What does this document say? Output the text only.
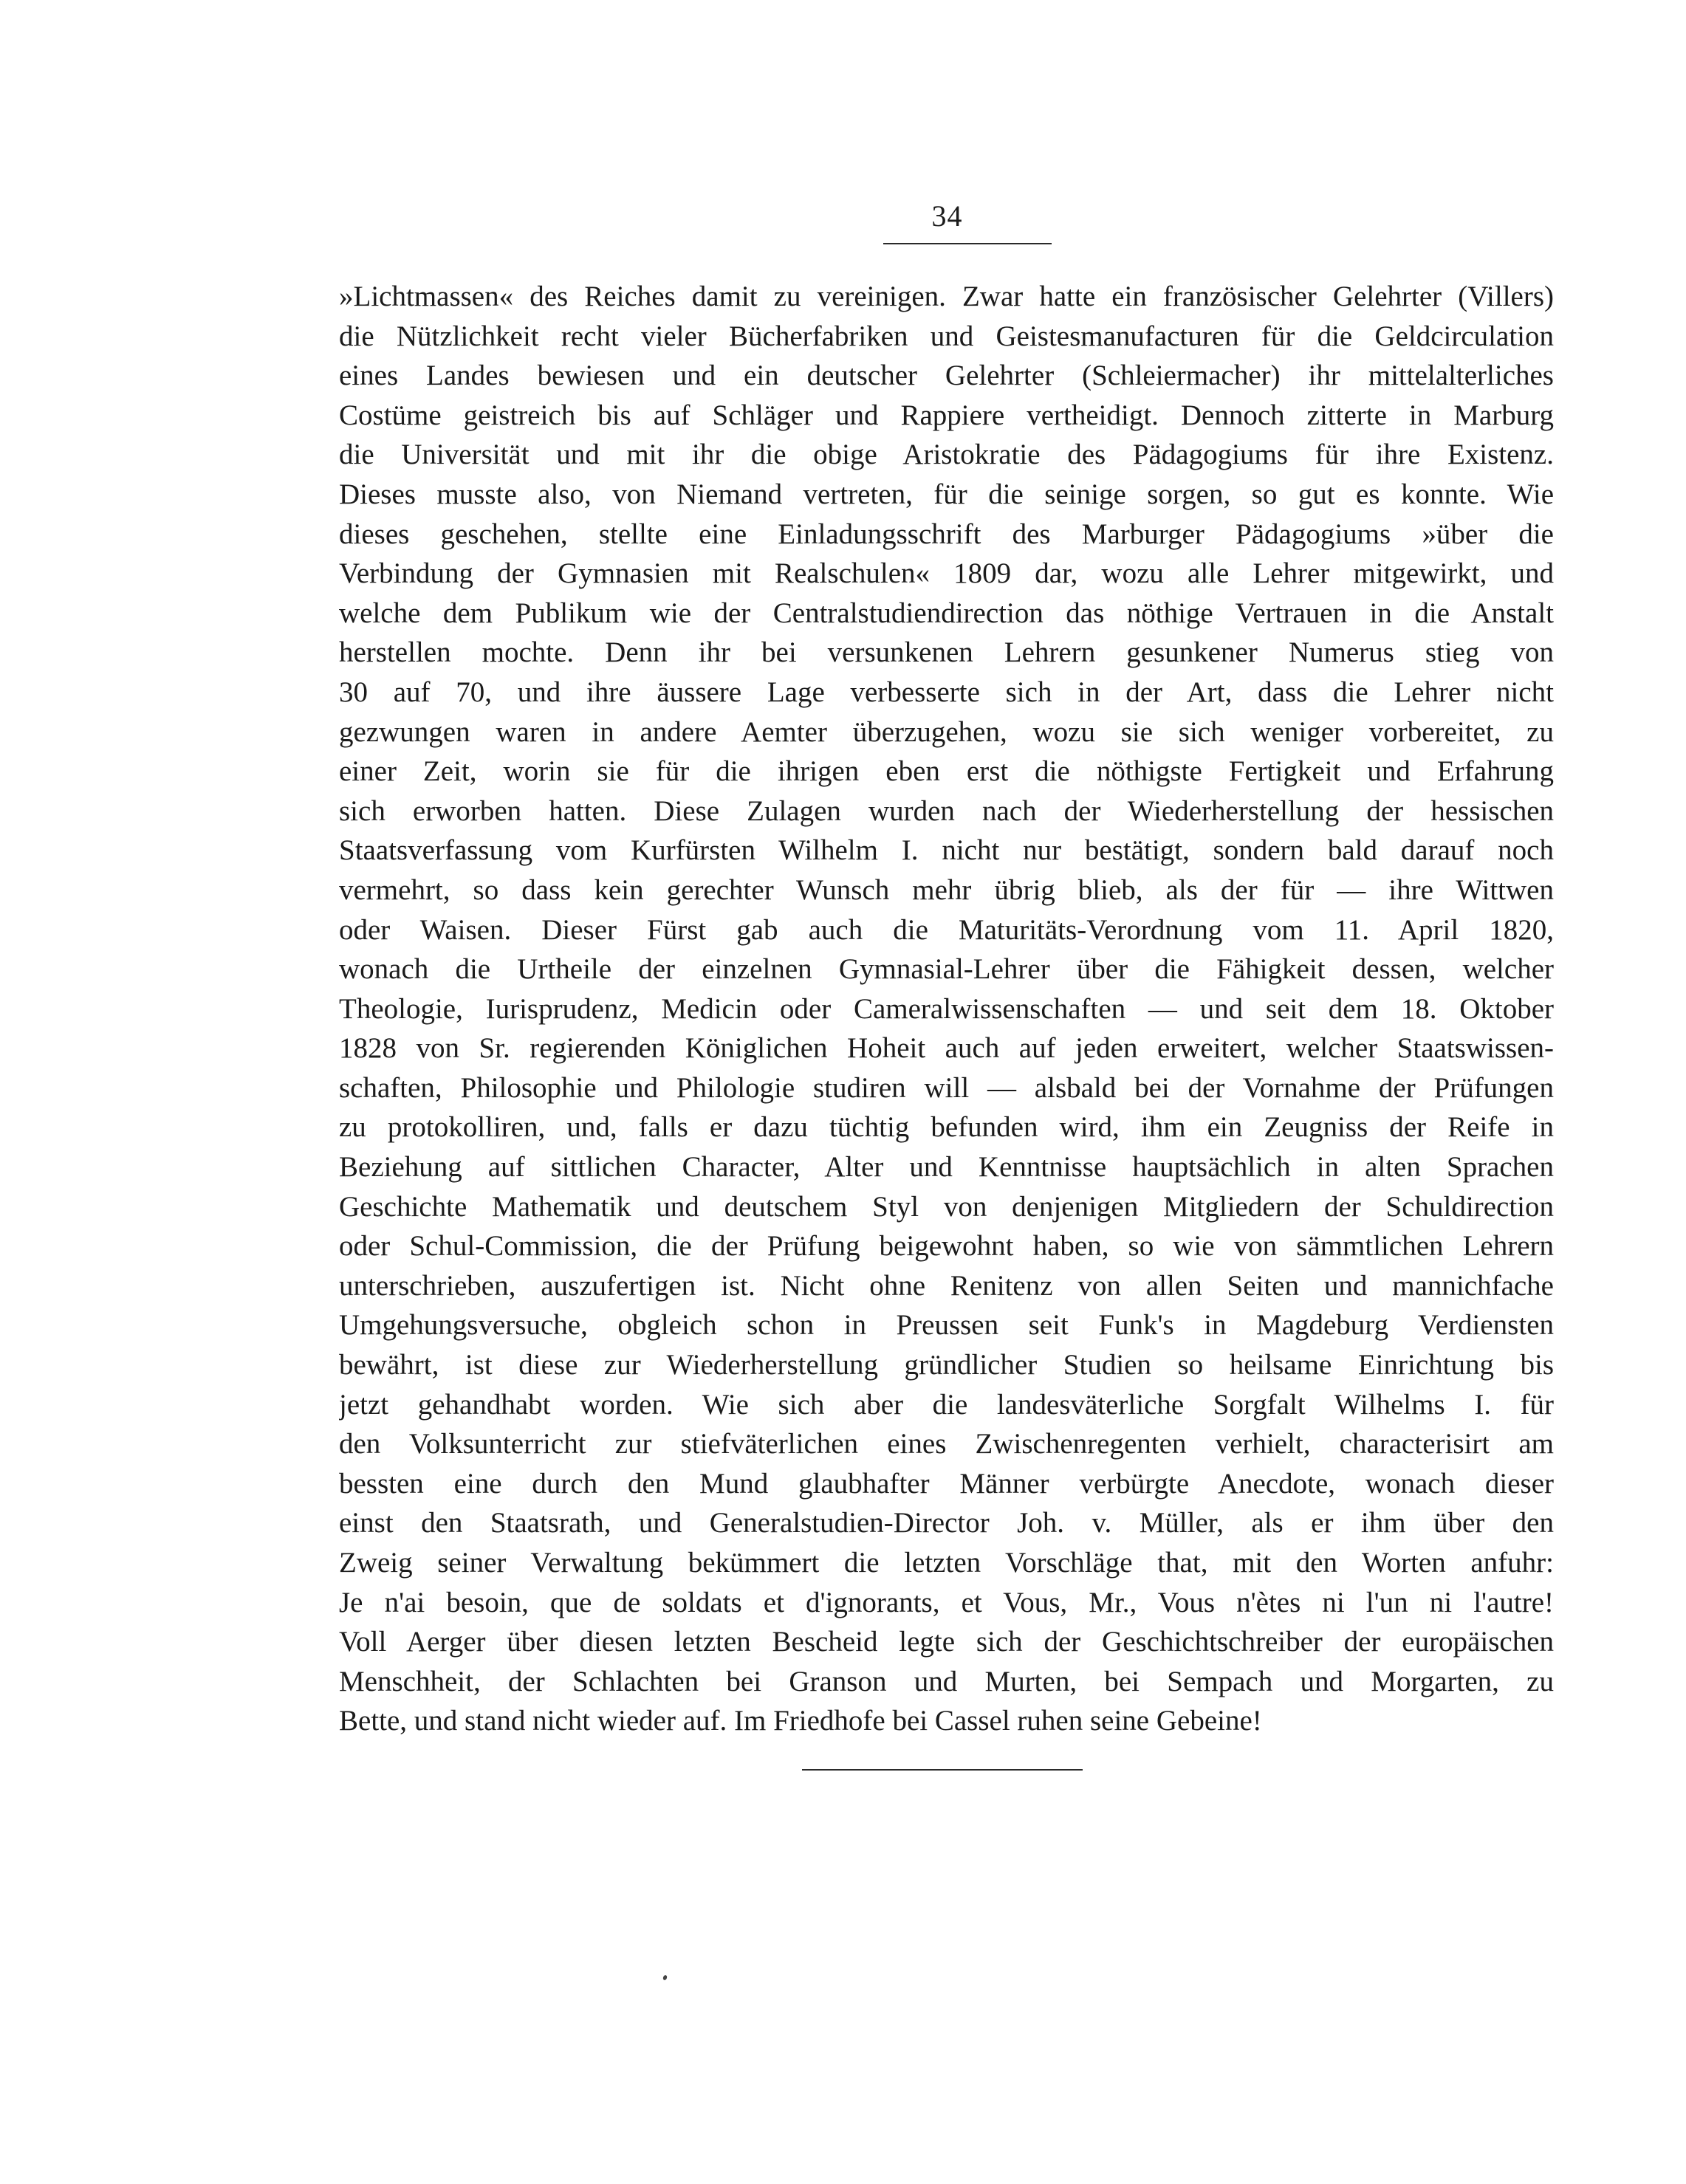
34
»Lichtmassen« des Reiches damit zu vereinigen. Zwar hatte ein französischer Gelehrter (Villers)
die Nützlichkeit recht vieler Bücherfabriken und Geistesmanufacturen für die Geldcirculation
eines Landes bewiesen und ein deutscher Gelehrter (Schleiermacher) ihr mittelalterliches
Costüme geistreich bis auf Schläger und Rappiere vertheidigt. Dennoch zitterte in Marburg
die Universität und mit ihr die obige Aristokratie des Pädagogiums für ihre Existenz.
Dieses musste also, von Niemand vertreten, für die seinige sorgen, so gut es konnte. Wie
dieses geschehen, stellte eine Einladungsschrift des Marburger Pädagogiums »über die
Verbindung der Gymnasien mit Realschulen« 1809 dar, wozu alle Lehrer mitgewirkt, und
welche dem Publikum wie der Centralstudiendirection das nöthige Vertrauen in die Anstalt
herstellen mochte. Denn ihr bei versunkenen Lehrern gesunkener Numerus stieg von
30 auf 70, und ihre äussere Lage verbesserte sich in der Art, dass die Lehrer nicht
gezwungen waren in andere Aemter überzugehen, wozu sie sich weniger vorbereitet, zu
einer Zeit, worin sie für die ihrigen eben erst die nöthigste Fertigkeit und Erfahrung
sich erworben hatten. Diese Zulagen wurden nach der Wiederherstellung der hessischen
Staatsverfassung vom Kurfürsten Wilhelm I. nicht nur bestätigt, sondern bald darauf noch
vermehrt, so dass kein gerechter Wunsch mehr übrig blieb, als der für — ihre Wittwen
oder Waisen. Dieser Fürst gab auch die Maturitäts-Verordnung vom 11. April 1820,
wonach die Urtheile der einzelnen Gymnasial-Lehrer über die Fähigkeit dessen, welcher
Theologie, Iurisprudenz, Medicin oder Cameralwissenschaften — und seit dem 18. Oktober
1828 von Sr. regierenden Königlichen Hoheit auch auf jeden erweitert, welcher Staatswissen-
schaften, Philosophie und Philologie studiren will — alsbald bei der Vornahme der Prüfungen
zu protokolliren, und, falls er dazu tüchtig befunden wird, ihm ein Zeugniss der Reife in
Beziehung auf sittlichen Character, Alter und Kenntnisse hauptsächlich in alten Sprachen
Geschichte Mathematik und deutschem Styl von denjenigen Mitgliedern der Schuldirection
oder Schul-Commission, die der Prüfung beigewohnt haben, so wie von sämmtlichen Lehrern
unterschrieben, auszufertigen ist. Nicht ohne Renitenz von allen Seiten und mannichfache
Umgehungsversuche, obgleich schon in Preussen seit Funk's in Magdeburg Verdiensten
bewährt, ist diese zur Wiederherstellung gründlicher Studien so heilsame Einrichtung bis
jetzt gehandhabt worden. Wie sich aber die landesväterliche Sorgfalt Wilhelms I. für
den Volksunterricht zur stiefväterlichen eines Zwischenregenten verhielt, characterisirt am
bessten eine durch den Mund glaubhafter Männer verbürgte Anecdote, wonach dieser
einst den Staatsrath, und Generalstudien-Director Joh. v. Müller, als er ihm über den
Zweig seiner Verwaltung bekümmert die letzten Vorschläge that, mit den Worten anfuhr:
Je n'ai besoin, que de soldats et d'ignorants, et Vous, Mr., Vous n'ètes ni l'un ni l'autre!
Voll Aerger über diesen letzten Bescheid legte sich der Geschichtschreiber der europäischen
Menschheit, der Schlachten bei Granson und Murten, bei Sempach und Morgarten, zu
Bette, und stand nicht wieder auf. Im Friedhofe bei Cassel ruhen seine Gebeine!
